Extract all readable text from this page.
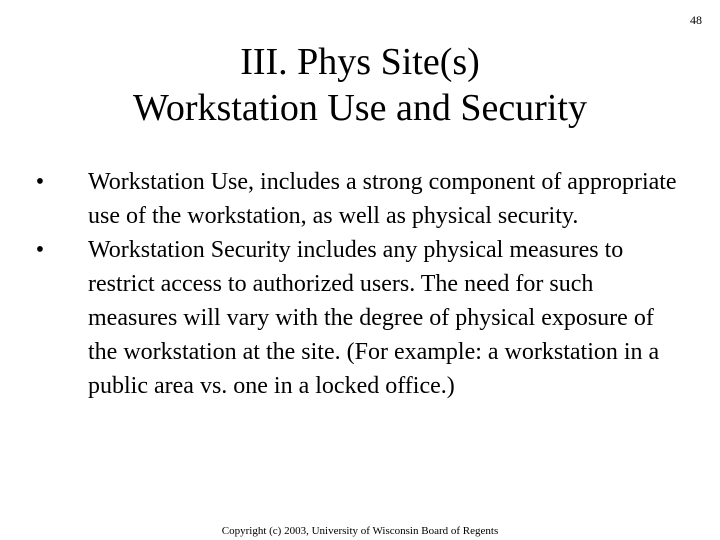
48
III. Phys Site(s)
Workstation Use and Security
• Workstation Use, includes a strong component of appropriate use of the workstation, as well as physical security.
• Workstation Security includes any physical measures to restrict access to authorized users. The need for such measures will vary with the degree of physical exposure of the workstation at the site. (For example: a workstation in a public area vs. one in a locked office.)
Copyright (c) 2003, University of Wisconsin Board of Regents
